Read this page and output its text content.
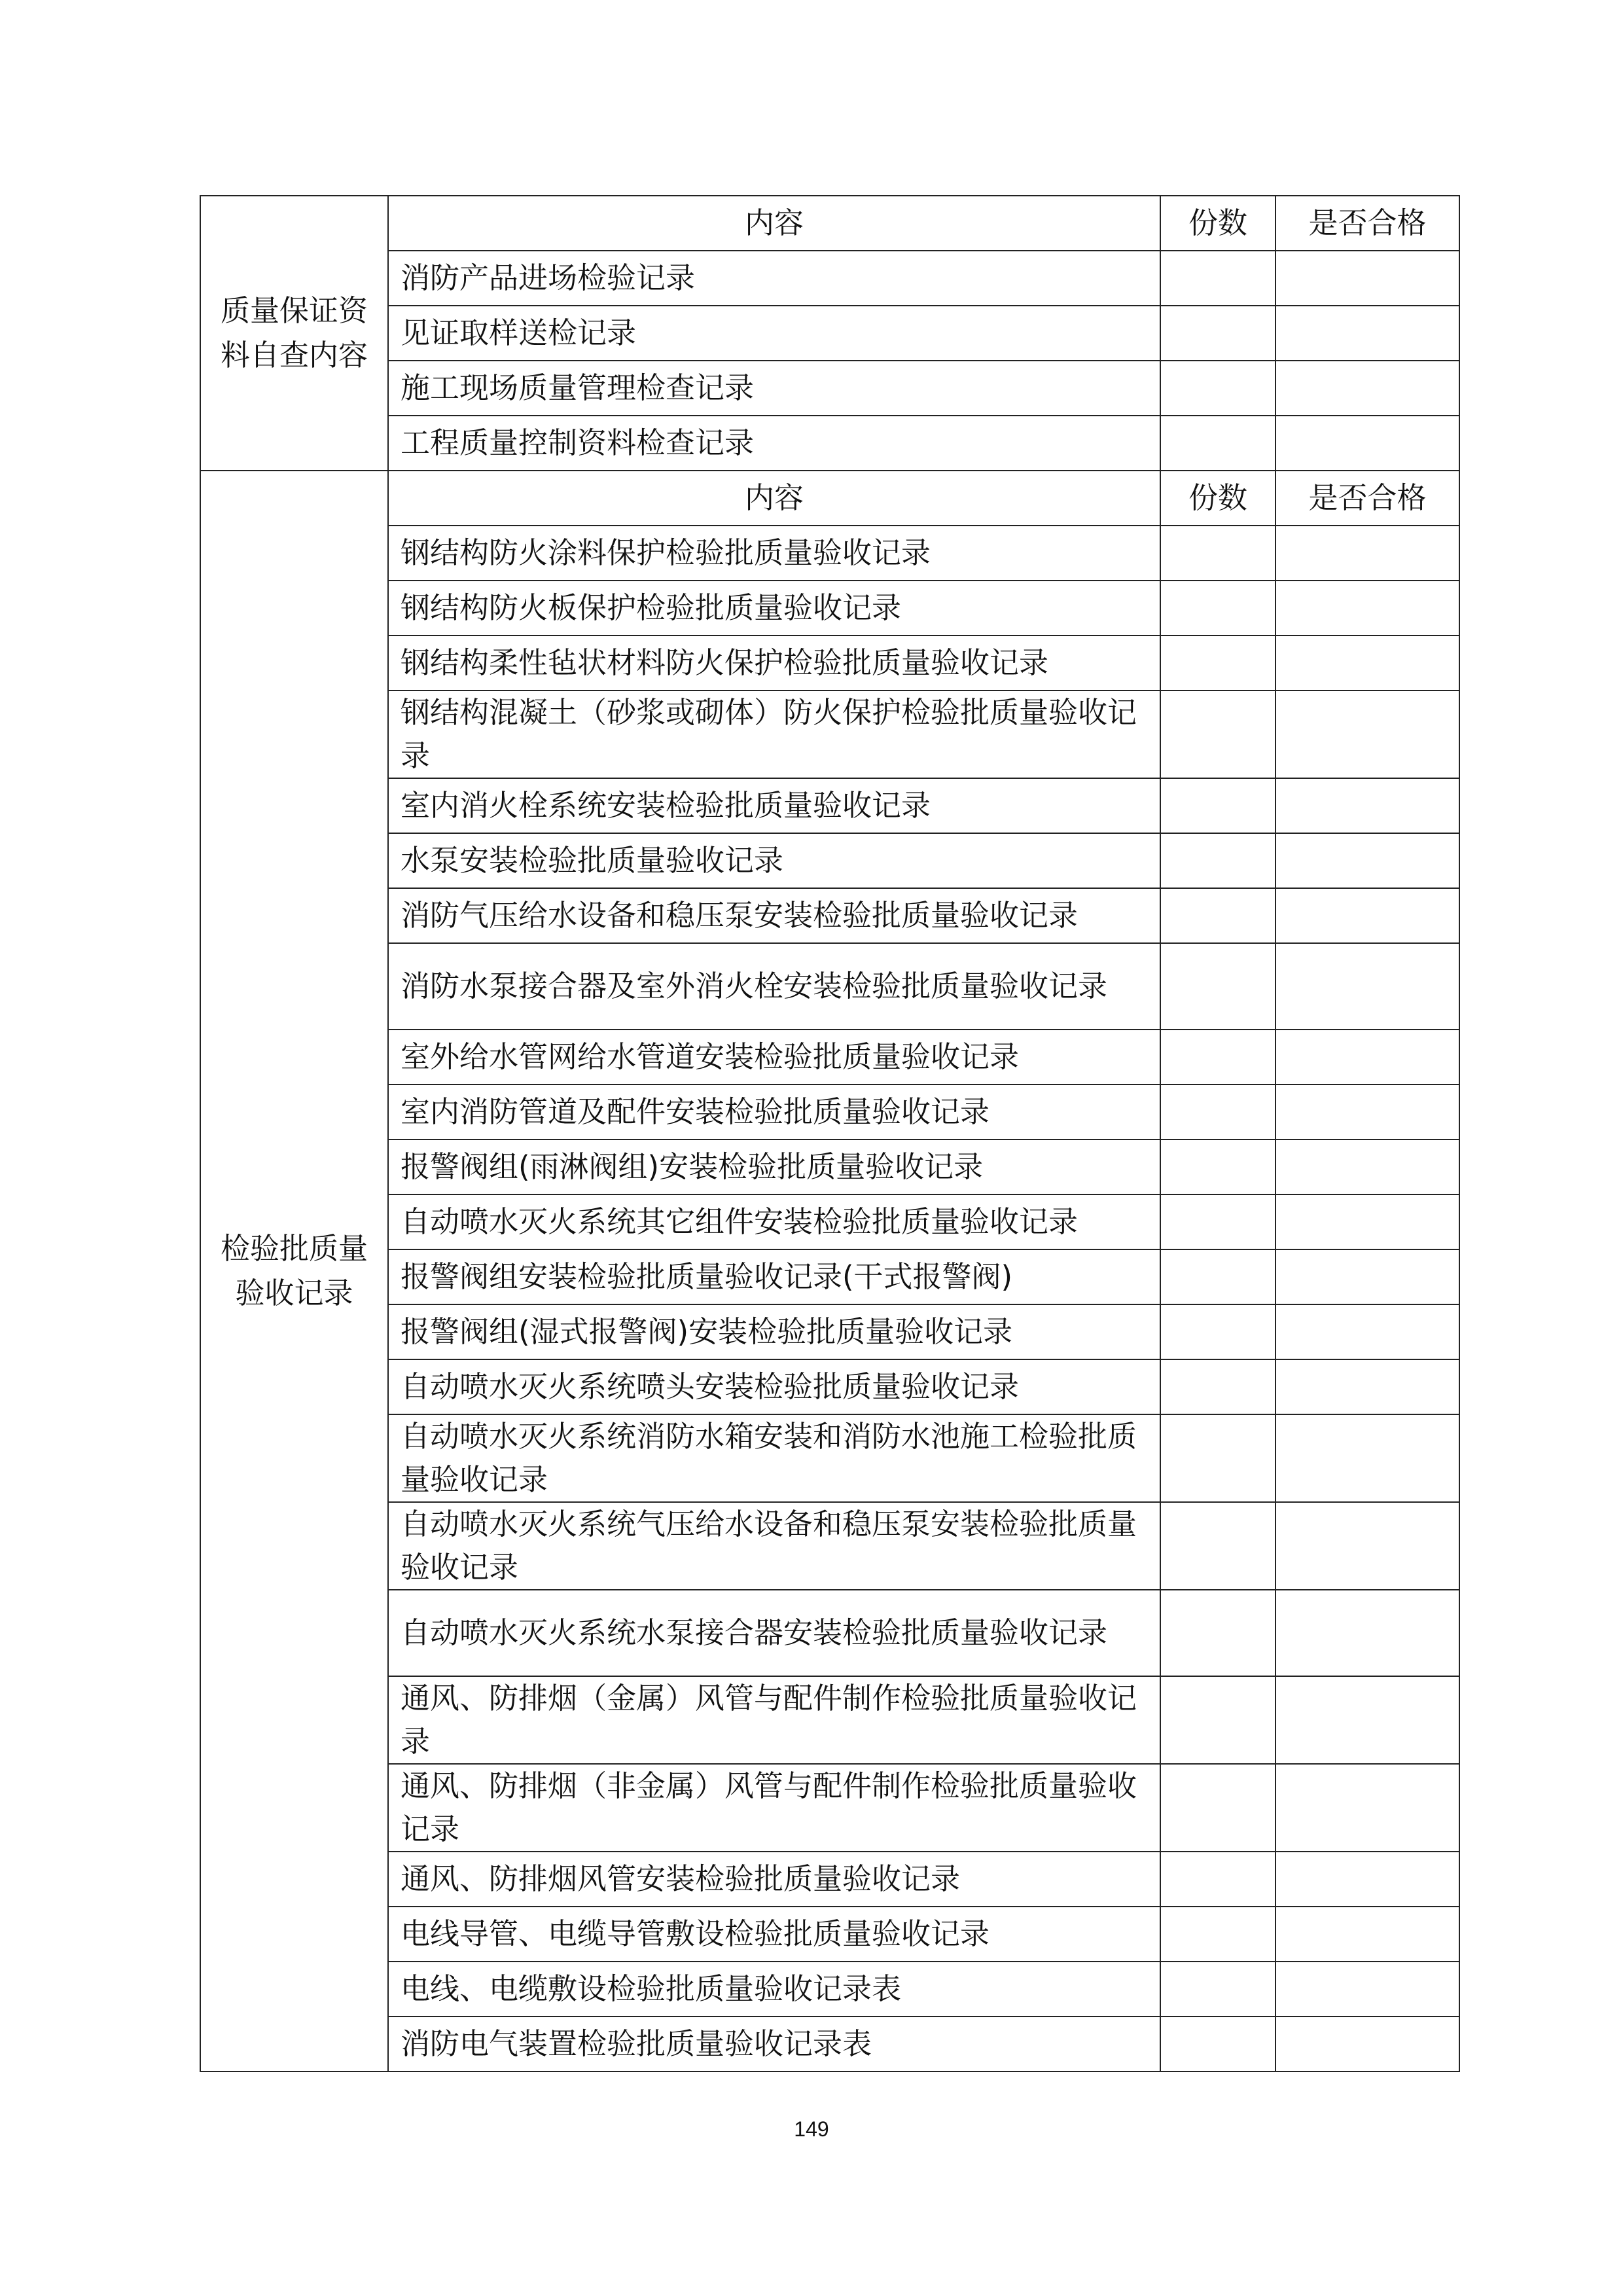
质量保证资料自查内容	内容	份数	是否合格
	消防产品进场检验记录		
	见证取样送检记录		
	施工现场质量管理检查记录		
	工程质量控制资料检查记录		
检验批质量验收记录	内容	份数	是否合格
	钢结构防火涂料保护检验批质量验收记录		
	钢结构防火板保护检验批质量验收记录		
	钢结构柔性毡状材料防火保护检验批质量验收记录		
	钢结构混凝土（砂浆或砌体）防火保护检验批质量验收记录		
	室内消火栓系统安装检验批质量验收记录		
	水泵安装检验批质量验收记录		
	消防气压给水设备和稳压泵安装检验批质量验收记录		
	消防水泵接合器及室外消火栓安装检验批质量验收记录		
	室外给水管网给水管道安装检验批质量验收记录		
	室内消防管道及配件安装检验批质量验收记录		
	报警阀组(雨淋阀组)安装检验批质量验收记录		
	自动喷水灭火系统其它组件安装检验批质量验收记录		
	报警阀组安装检验批质量验收记录(干式报警阀)		
	报警阀组(湿式报警阀)安装检验批质量验收记录		
	自动喷水灭火系统喷头安装检验批质量验收记录		
	自动喷水灭火系统消防水箱安装和消防水池施工检验批质量验收记录		
	自动喷水灭火系统气压给水设备和稳压泵安装检验批质量验收记录		
	自动喷水灭火系统水泵接合器安装检验批质量验收记录		
	通风、防排烟（金属）风管与配件制作检验批质量验收记录		
	通风、防排烟（非金属）风管与配件制作检验批质量验收记录		
	通风、防排烟风管安装检验批质量验收记录		
	电线导管、电缆导管敷设检验批质量验收记录		
	电线、电缆敷设检验批质量验收记录表		
	消防电气装置检验批质量验收记录表		
149
